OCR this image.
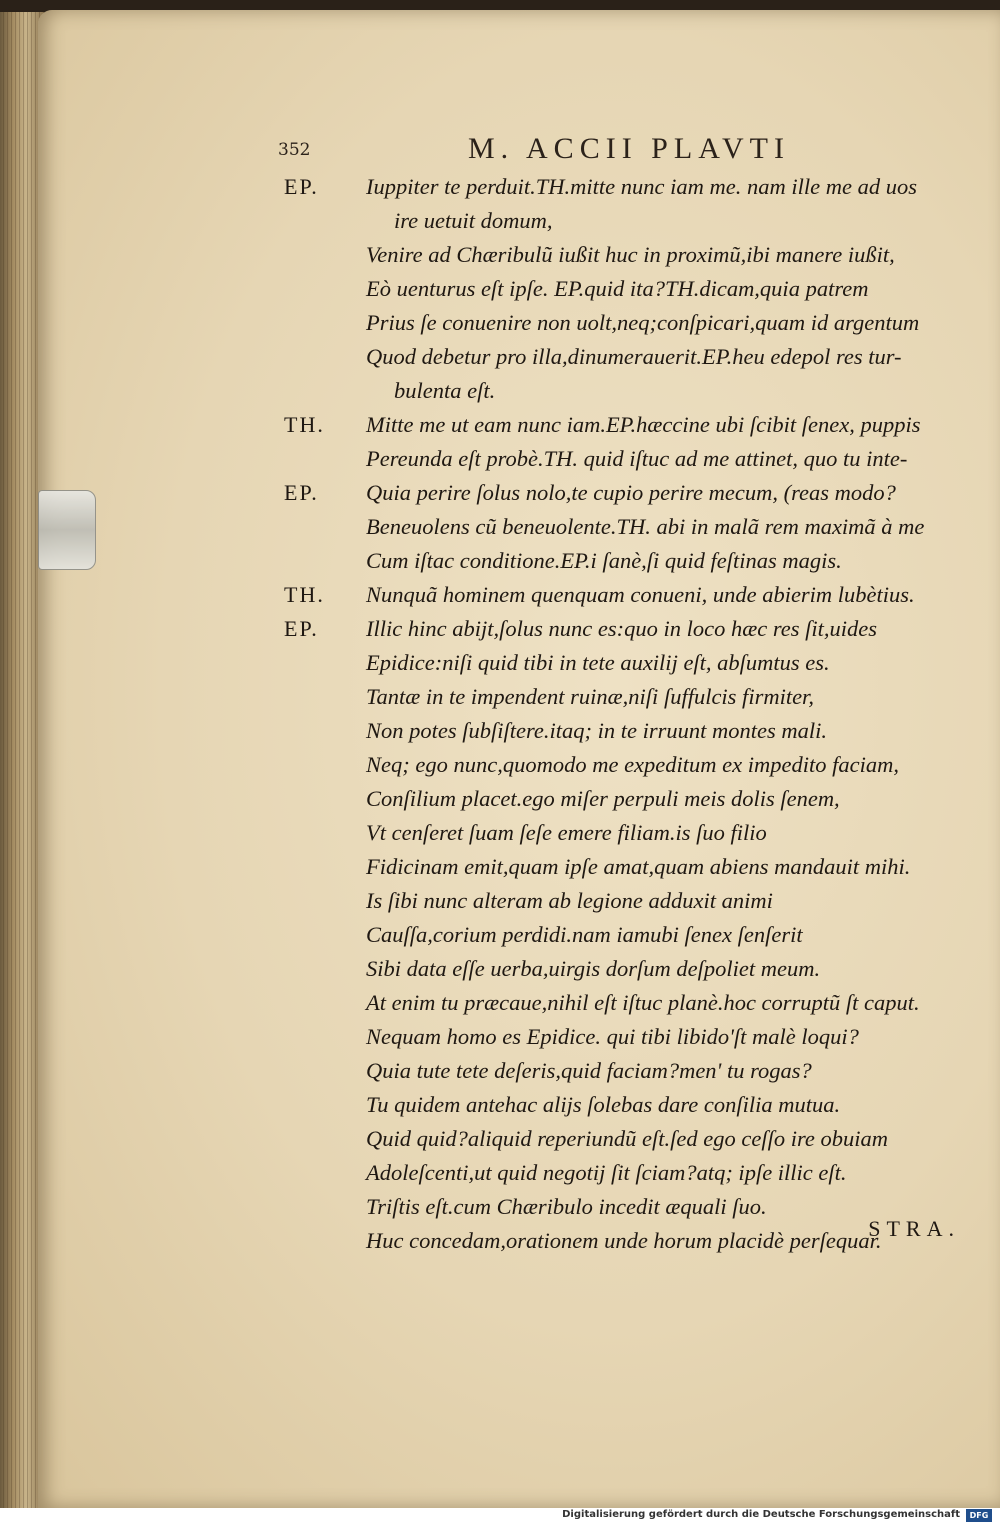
352	M. ACCII PLAVTI
EP. Iuppiter te perduit.TH.mitte nunc iam me. nam ille me ad uos
ire uetuit domum,
Venire ad Chæribulũ iußit huc in proximũ,ibi manere iußit,
Eò uenturus eſt ipſe. EP.quid ita?TH.dicam,quia patrem
Prius ſe conuenire non uolt,neq;conſpicari,quam id argentum
Quod debetur pro illa,dinumerauerit.EP.heu edepol res tur-
bulenta eſt.
TH. Mitte me ut eam nunc iam.EP.hæccine ubi ſcibit ſenex, puppis
Pereunda eſt probè.TH. quid iſtuc ad me attinet, quo tu inte-
EP. Quia perire ſolus nolo,te cupio perire mecum, (reas modo?
Beneuolens cũ beneuolente.TH. abi in malã rem maximã à me
Cum iſtac conditione.EP.i ſanè,ſi quid feſtinas magis.
TH. Nunquã hominem quenquam conueni, unde abierim lubètius.
EP. Illic hinc abijt,ſolus nunc es:quo in loco hæc res ſit,uides
Epidice:niſi quid tibi in tete auxilij eſt, abſumtus es.
Tantæ in te impendent ruinæ,niſi ſuffulcis firmiter,
Non potes ſubſiſtere.itaq; in te irruunt montes mali.
Neq; ego nunc,quomodo me expeditum ex impedito faciam,
Conſilium placet.ego miſer perpuli meis dolis ſenem,
Vt cenſeret ſuam ſeſe emere filiam.is ſuo filio
Fidicinam emit,quam ipſe amat,quam abiens mandauit mihi.
Is ſibi nunc alteram ab legione adduxit animi
Cauſſa,corium perdidi.nam iamubi ſenex ſenſerit
Sibi data eſſe uerba,uirgis dorſum deſpoliet meum.
At enim tu præcaue,nihil eſt iſtuc planè.hoc corruptũ ſt caput.
Nequam homo es Epidice. qui tibi libido'ſt malè loqui?
Quia tute tete deſeris,quid faciam?men' tu rogas?
Tu quidem antehac alijs ſolebas dare conſilia mutua.
Quid quid?aliquid reperiundũ eſt.ſed ego ceſſo ire obuiam
Adoleſcenti,ut quid negotij ſit ſciam?atq; ipſe illic eſt.
Triſtis eſt.cum Chæribulo incedit æquali ſuo.
Huc concedam,orationem unde horum placidè perſequar.
STRA.
Digitalisierung gefördert durch die Deutsche Forschungsgemeinschaft	DFG
